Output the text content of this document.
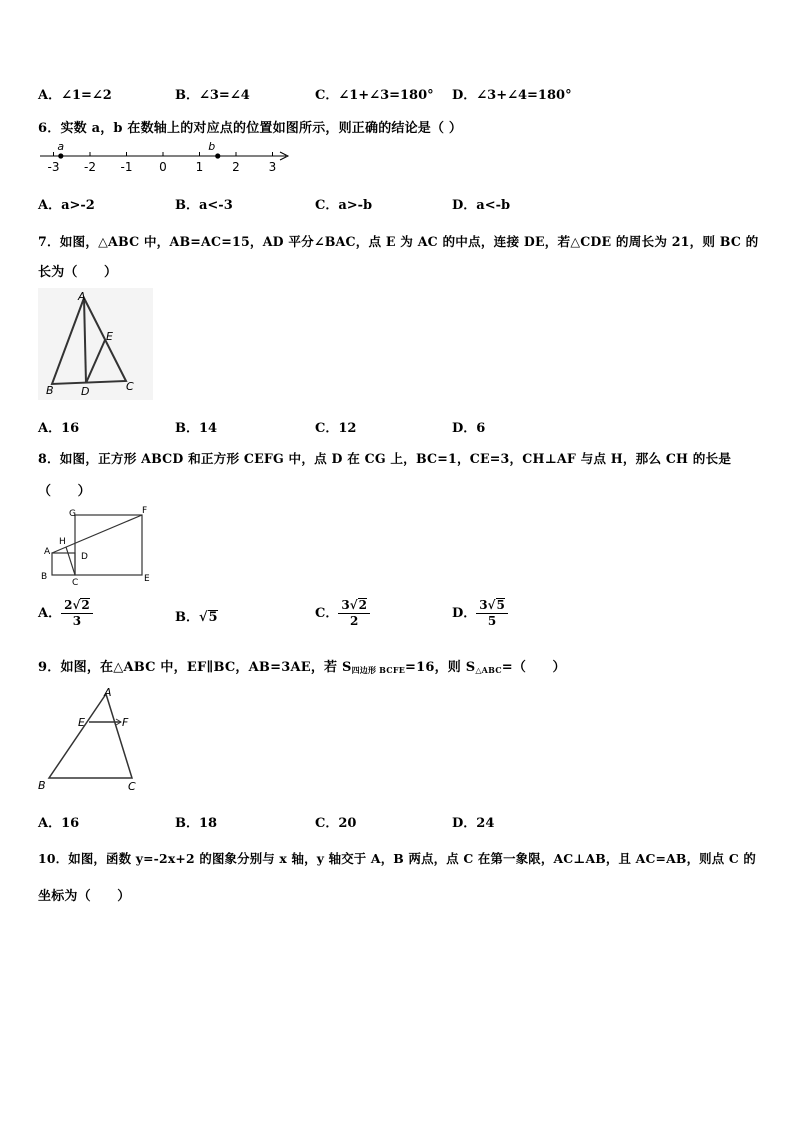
A．∠1=∠2	B．∠3=∠4	C．∠1+∠3=180° D．∠3+∠4=180°
6．实数 a，b 在数轴上的对应点的位置如图所示，则正确的结论是（ ）
-3 -2 -1 0 1 2 3
a	b
A．a>-2	B．a<-3	C．a>-b	D．a<-b
7．如图，△ABC 中，AB=AC=15，AD 平分∠BAC，点 E 为 AC 的中点，连接 DE，若△CDE 的周长为 21，则 BC 的
长为（　　）
A
E
B D	C
A．16	B．14	C．12	D．6
8．如图，正方形 ABCD 和正方形 CEFG 中，点 D 在 CG 上，BC=1，CE=3，CH⊥AF 与点 H，那么 CH 的长是
（　　）
G	F
A
H
D
B
C	E
A． $\frac{2√2}{3}$	B．√5	C． $\frac{3√2}{2}$	D． $\frac{3√5}{5}$
9．如图，在△ABC 中，EF∥BC，AB=3AE，若 $S_{四边形 BCFE}=16$，则 $S_{\triangle ABC}=$（　　）
A
E	F
B	C
A．16	B．18	C．20	D．24
10．如图，函数 y=-2x+2 的图象分别与 x 轴，y 轴交于 A，B 两点，点 C 在第一象限，AC⊥AB，且 AC=AB，则点 C 的
坐标为（　　）
